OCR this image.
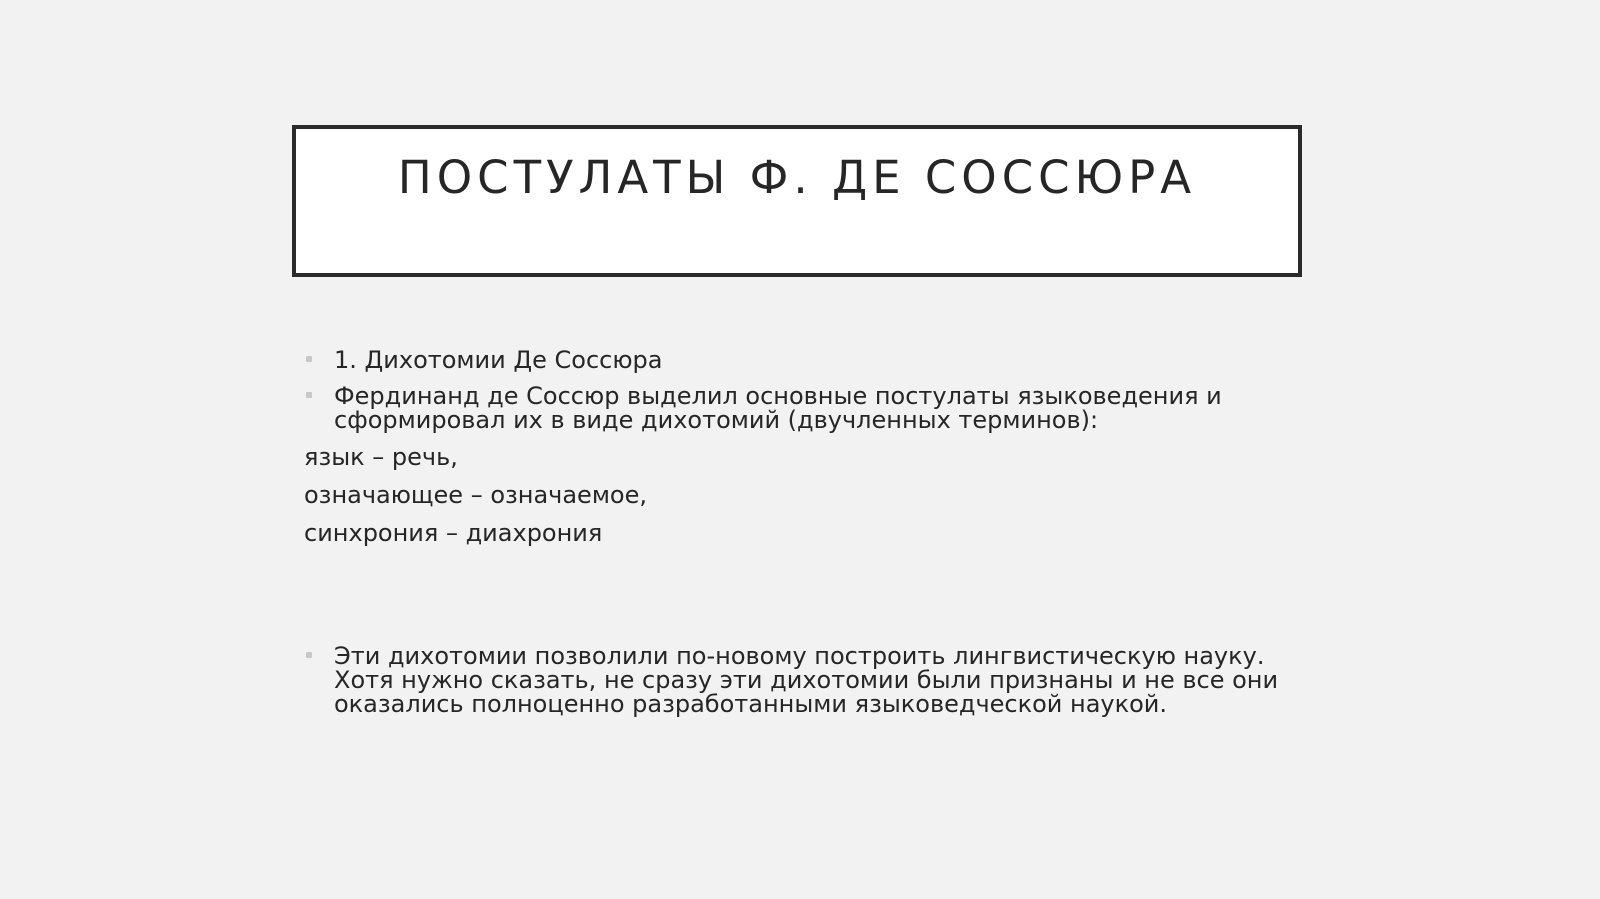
ПОСТУЛАТЫ Ф. ДЕ СОССЮРА
1. Дихотомии Де Соссюра
Фердинанд де Соссюр выделил основные постулаты языковедения и сформировал их в виде дихотомий (двучленных терминов):
язык – речь,
означающее – означаемое,
синхрония – диахрония
Эти дихотомии позволили по-новому построить лингвистическую науку. Хотя нужно сказать, не сразу эти дихотомии были признаны и не все они оказались полноценно разработанными языковедческой наукой.
